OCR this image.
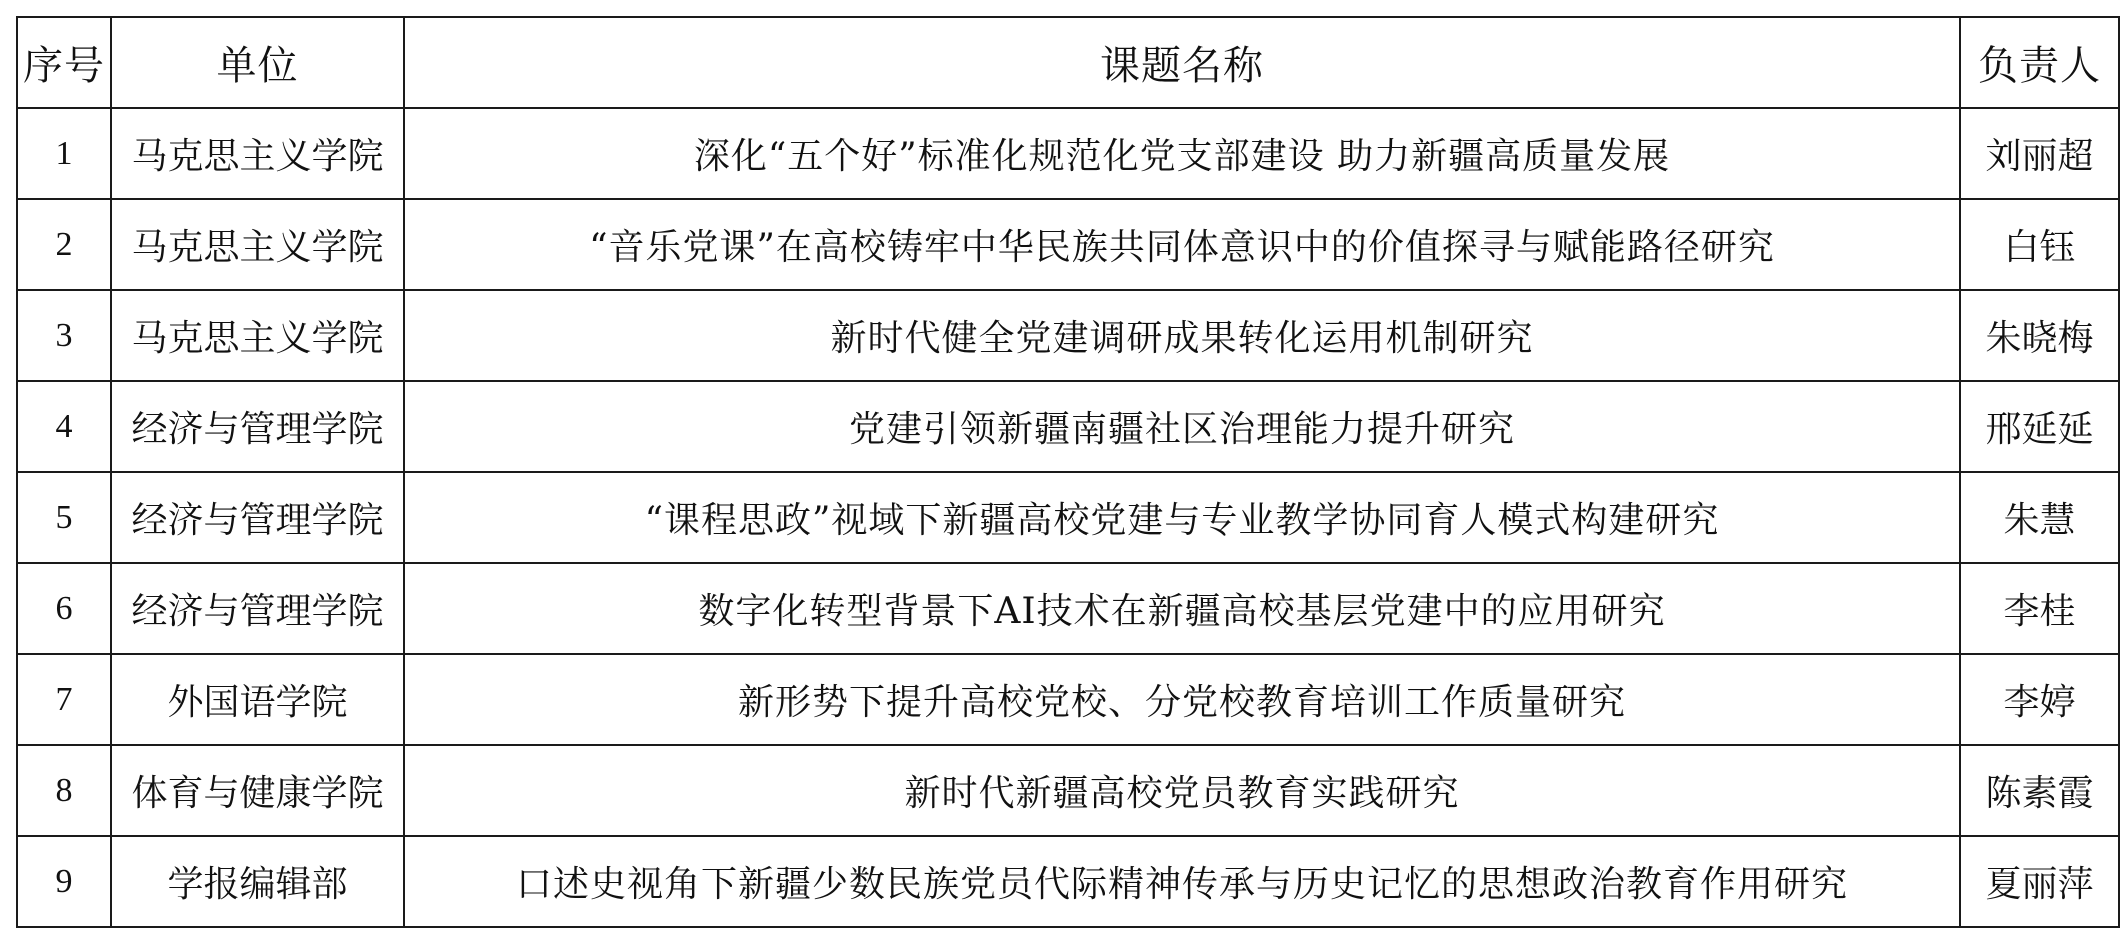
序号	单位	课题名称	负责人
1	马克思主义学院	深化“五个好”标准化规范化党支部建设 助力新疆高质量发展	刘丽超
2	马克思主义学院	“音乐党课”在高校铸牢中华民族共同体意识中的价值探寻与赋能路径研究	白钰
3	马克思主义学院	新时代健全党建调研成果转化运用机制研究	朱晓梅
4	经济与管理学院	党建引领新疆南疆社区治理能力提升研究	邢延延
5	经济与管理学院	“课程思政”视域下新疆高校党建与专业教学协同育人模式构建研究	朱慧
6	经济与管理学院	数字化转型背景下AI技术在新疆高校基层党建中的应用研究	李桂
7	外国语学院	新形势下提升高校党校、分党校教育培训工作质量研究	李婷
8	体育与健康学院	新时代新疆高校党员教育实践研究	陈素霞
9	学报编辑部	口述史视角下新疆少数民族党员代际精神传承与历史记忆的思想政治教育作用研究	夏丽萍
